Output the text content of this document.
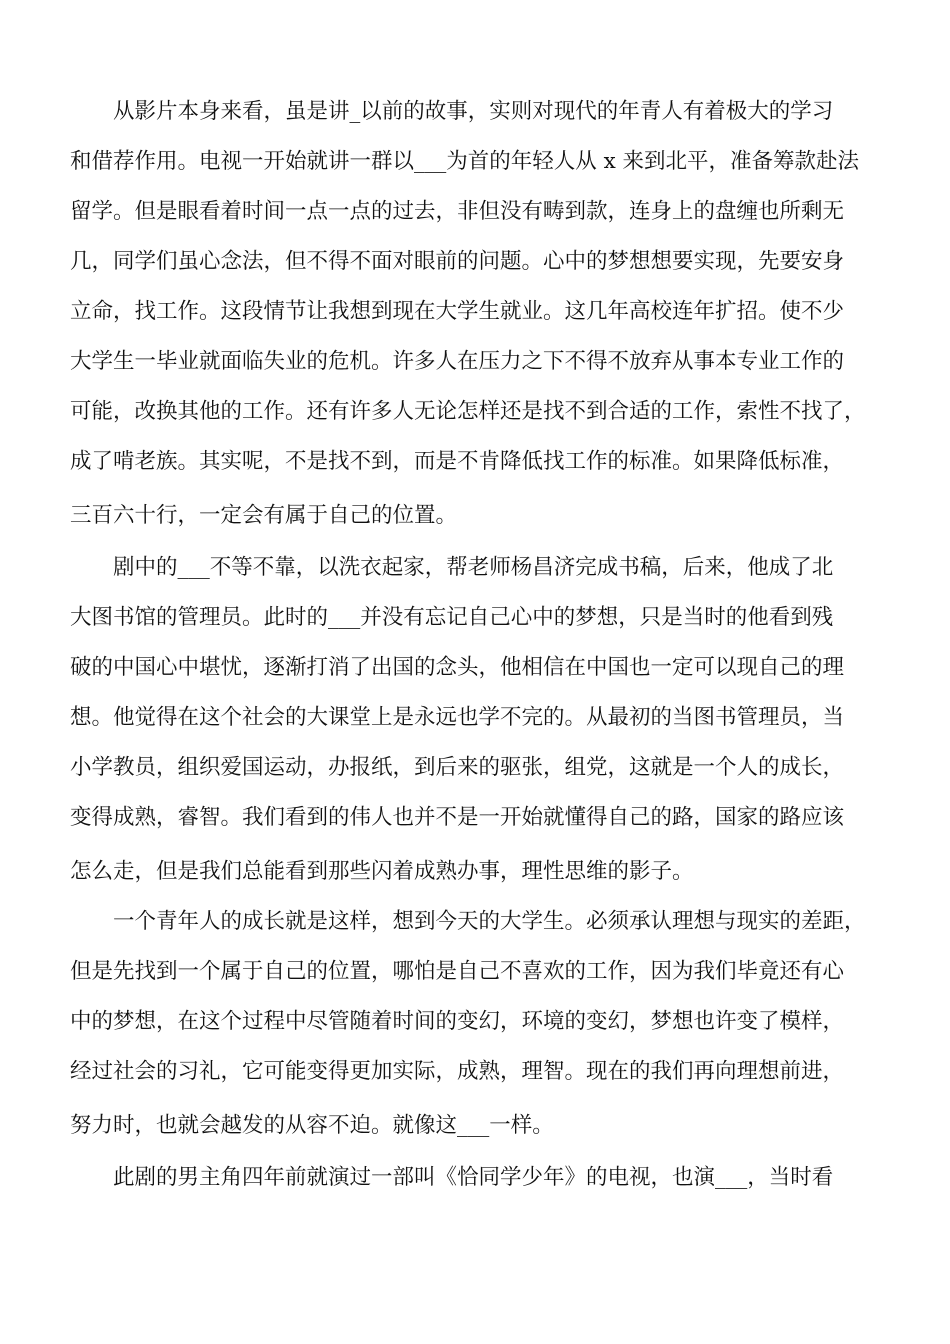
从影片本身来看，虽是讲_以前的故事，实则对现代的年青人有着极大的学习
和借荐作用。电视一开始就讲一群以___为首的年轻人从 x 来到北平，准备筹款赴法
留学。但是眼看着时间一点一点的过去，非但没有畴到款，连身上的盘缠也所剩无
几，同学们虽心念法，但不得不面对眼前的问题。心中的梦想想要实现，先要安身
立命，找工作。这段情节让我想到现在大学生就业。这几年高校连年扩招。使不少
大学生一毕业就面临失业的危机。许多人在压力之下不得不放弃从事本专业工作的
可能，改换其他的工作。还有许多人无论怎样还是找不到合适的工作，索性不找了，
成了啃老族。其实呢，不是找不到，而是不肯降低找工作的标准。如果降低标准，
三百六十行，一定会有属于自己的位置。
剧中的___不等不靠，以洗衣起家，帮老师杨昌济完成书稿，后来，他成了北
大图书馆的管理员。此时的___并没有忘记自己心中的梦想，只是当时的他看到残
破的中国心中堪忧，逐渐打消了出国的念头，他相信在中国也一定可以现自己的理
想。他觉得在这个社会的大课堂上是永远也学不完的。从最初的当图书管理员，当
小学教员，组织爱国运动，办报纸，到后来的驱张，组党，这就是一个人的成长，
变得成熟，睿智。我们看到的伟人也并不是一开始就懂得自己的路，国家的路应该
怎么走，但是我们总能看到那些闪着成熟办事，理性思维的影子。
一个青年人的成长就是这样，想到今天的大学生。必须承认理想与现实的差距，
但是先找到一个属于自己的位置，哪怕是自己不喜欢的工作，因为我们毕竟还有心
中的梦想，在这个过程中尽管随着时间的变幻，环境的变幻，梦想也许变了模样，
经过社会的习礼，它可能变得更加实际，成熟，理智。现在的我们再向理想前进，
努力时，也就会越发的从容不迫。就像这___一样。
此剧的男主角四年前就演过一部叫《恰同学少年》的电视，也演___，当时看
